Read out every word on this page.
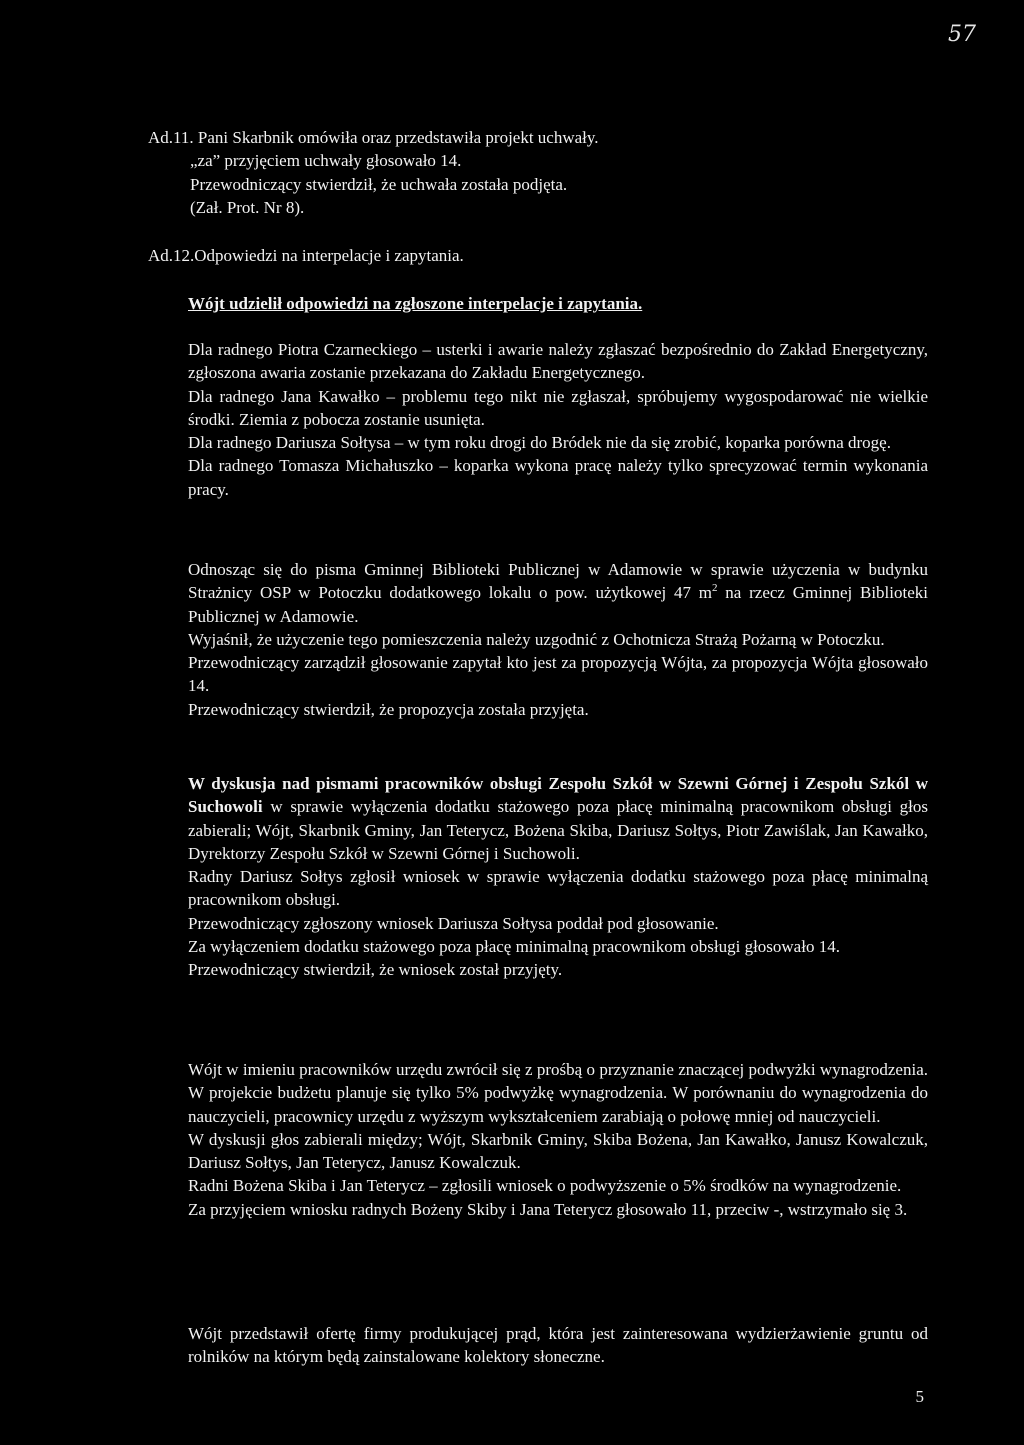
57
Ad.11. Pani Skarbnik omówiła oraz przedstawiła projekt uchwały.
„za” przyjęciem uchwały głosowało 14.
Przewodniczący stwierdził, że uchwała została podjęta.
(Zał. Prot. Nr 8).
Ad.12.Odpowiedzi na interpelacje i zapytania.
Wójt udzielił odpowiedzi na zgłoszone interpelacje i zapytania.
Dla radnego Piotra Czarneckiego – usterki i awarie należy zgłaszać bezpośrednio do Zakład Energetyczny, zgłoszona awaria zostanie przekazana do Zakładu Energetycznego.
Dla radnego Jana Kawałko – problemu tego nikt nie zgłaszał, spróbujemy wygospodarować nie wielkie środki. Ziemia z pobocza zostanie usunięta.
Dla radnego Dariusza Sołtysa – w tym roku drogi do Bródek nie da się zrobić, koparka porówna drogę.
Dla radnego Tomasza Michałuszko – koparka wykona pracę należy tylko sprecyzować termin wykonania pracy.
Odnosząc się do pisma Gminnej Biblioteki Publicznej w Adamowie w sprawie użyczenia w budynku Strażnicy OSP w Potoczku dodatkowego lokalu o pow. użytkowej 47 $m^2$ na rzecz Gminnej Biblioteki Publicznej w Adamowie.
Wyjaśnił, że użyczenie tego pomieszczenia należy uzgodnić z Ochotnicza Strażą Pożarną w Potoczku.
Przewodniczący zarządził głosowanie zapytał kto jest za propozycją Wójta, za propozycja Wójta głosowało 14.
Przewodniczący stwierdził, że propozycja została przyjęta.
W dyskusja nad pismami pracowników obsługi Zespołu Szkół w Szewni Górnej i Zespołu Szkól w Suchowoli w sprawie wyłączenia dodatku stażowego poza płacę minimalną pracownikom obsługi głos zabierali; Wójt, Skarbnik Gminy, Jan Teterycz, Bożena Skiba, Dariusz Sołtys, Piotr Zawiślak, Jan Kawałko, Dyrektorzy Zespołu Szkół w Szewni Górnej i Suchowoli.
Radny Dariusz Sołtys zgłosił wniosek w sprawie wyłączenia dodatku stażowego poza płacę minimalną pracownikom obsługi.
Przewodniczący zgłoszony wniosek Dariusza Sołtysa poddał pod głosowanie.
Za wyłączeniem dodatku stażowego poza płacę minimalną pracownikom obsługi głosowało 14.
Przewodniczący stwierdził, że wniosek został przyjęty.
Wójt w imieniu pracowników urzędu zwrócił się z prośbą o przyznanie znaczącej podwyżki wynagrodzenia. W projekcie budżetu planuje się tylko 5% podwyżkę wynagrodzenia. W porównaniu do wynagrodzenia do nauczycieli, pracownicy urzędu z wyższym wykształceniem zarabiają o połowę mniej od nauczycieli.
W dyskusji głos zabierali między; Wójt, Skarbnik Gminy, Skiba Bożena, Jan Kawałko, Janusz Kowalczuk, Dariusz Sołtys, Jan Teterycz, Janusz Kowalczuk.
Radni Bożena Skiba i Jan Teterycz – zgłosili wniosek o podwyższenie o 5% środków na wynagrodzenie.
Za przyjęciem wniosku radnych Bożeny Skiby i Jana Teterycz głosowało 11, przeciw -, wstrzymało się 3.
Wójt przedstawił ofertę firmy produkującej prąd, która jest zainteresowana wydzierżawienie gruntu od rolników na którym będą zainstalowane kolektory słoneczne.
5
